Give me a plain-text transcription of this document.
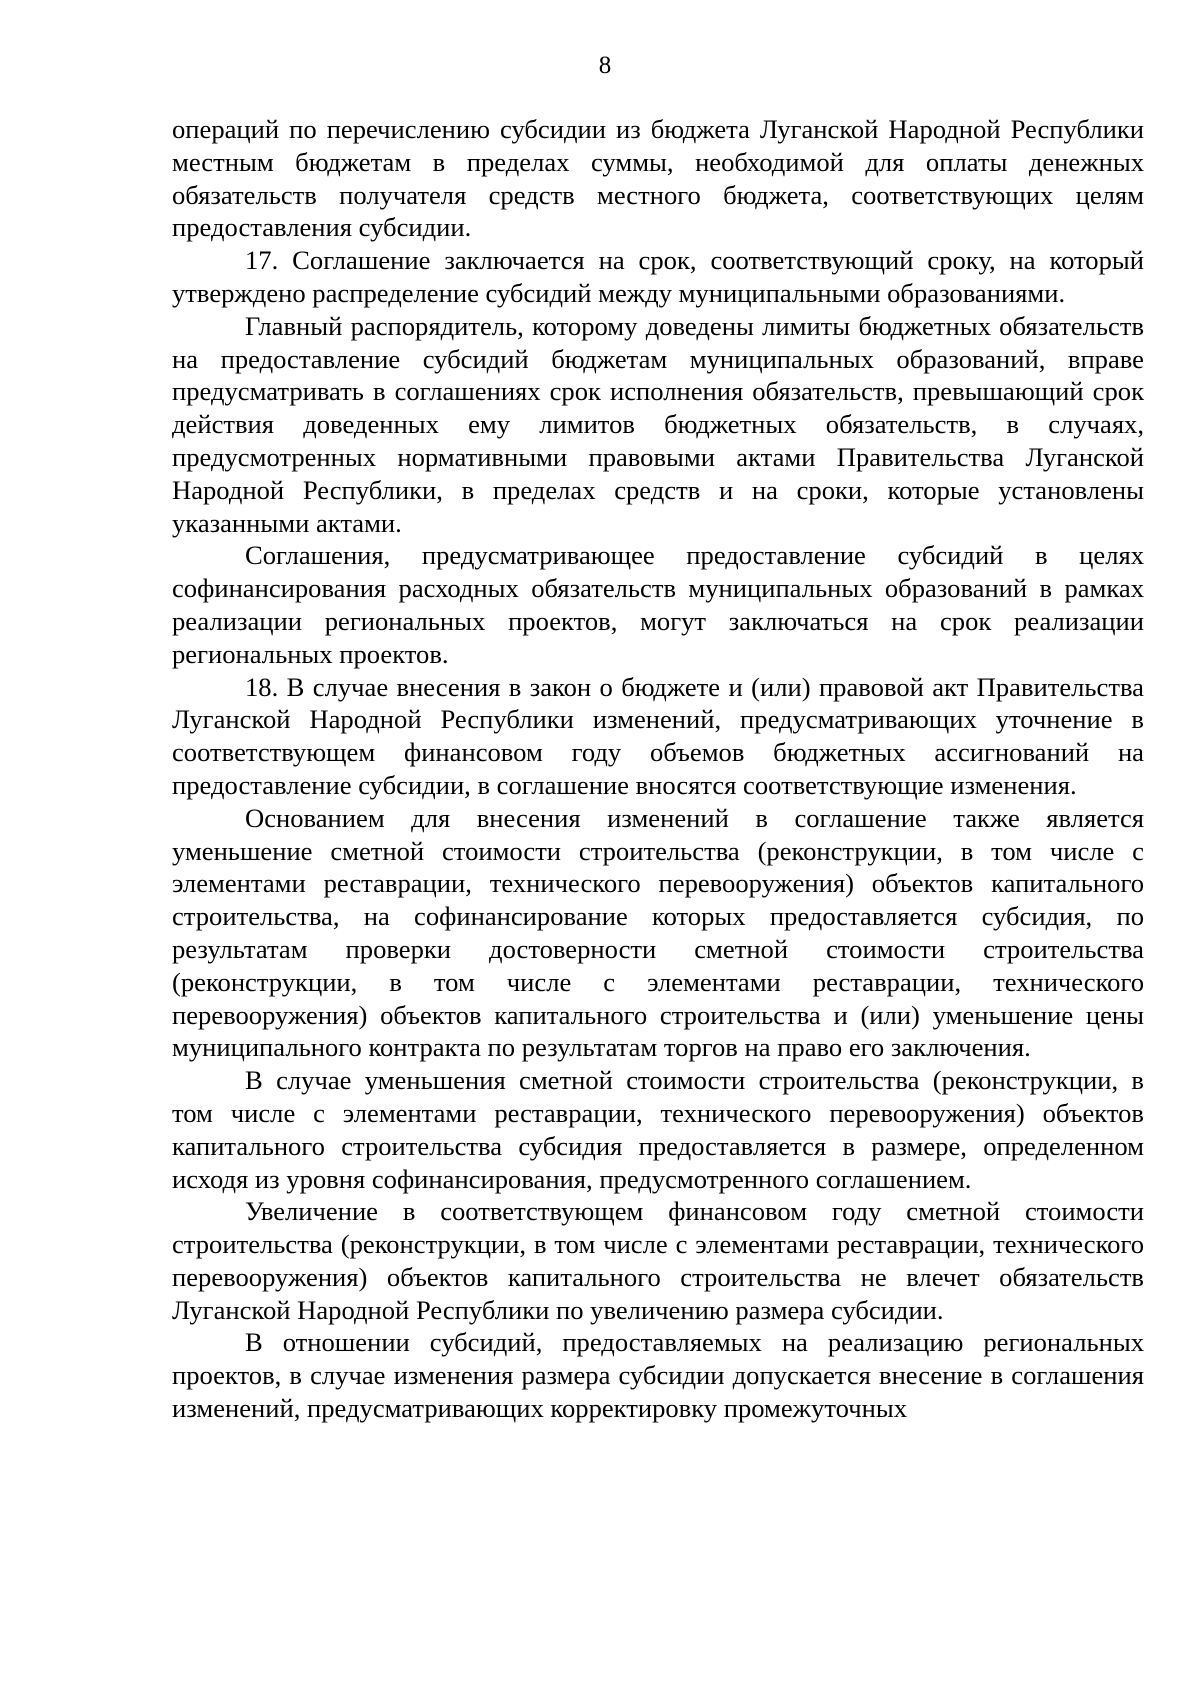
8

операций по перечислению субсидии из бюджета Луганской Народной Республики местным бюджетам в пределах суммы, необходимой для оплаты денежных обязательств получателя средств местного бюджета, соответствующих целям предоставления субсидии.

17. Соглашение заключается на срок, соответствующий сроку, на который утверждено распределение субсидий между муниципальными образованиями.

Главный распорядитель, которому доведены лимиты бюджетных обязательств на предоставление субсидий бюджетам муниципальных образований, вправе предусматривать в соглашениях срок исполнения обязательств, превышающий срок действия доведенных ему лимитов бюджетных обязательств, в случаях, предусмотренных нормативными правовыми актами Правительства Луганской Народной Республики, в пределах средств и на сроки, которые установлены указанными актами.

Соглашения, предусматривающее предоставление субсидий в целях софинансирования расходных обязательств муниципальных образований в рамках реализации региональных проектов, могут заключаться на срок реализации региональных проектов.

18. В случае внесения в закон о бюджете и (или) правовой акт Правительства Луганской Народной Республики изменений, предусматривающих уточнение в соответствующем финансовом году объемов бюджетных ассигнований на предоставление субсидии, в соглашение вносятся соответствующие изменения.

Основанием для внесения изменений в соглашение также является уменьшение сметной стоимости строительства (реконструкции, в том числе с элементами реставрации, технического перевооружения) объектов капитального строительства, на софинансирование которых предоставляется субсидия, по результатам проверки достоверности сметной стоимости строительства (реконструкции, в том числе с элементами реставрации, технического перевооружения) объектов капитального строительства и (или) уменьшение цены муниципального контракта по результатам торгов на право его заключения.

В случае уменьшения сметной стоимости строительства (реконструкции, в том числе с элементами реставрации, технического перевооружения) объектов капитального строительства субсидия предоставляется в размере, определенном исходя из уровня софинансирования, предусмотренного соглашением.

Увеличение в соответствующем финансовом году сметной стоимости строительства (реконструкции, в том числе с элементами реставрации, технического перевооружения) объектов капитального строительства не влечет обязательств Луганской Народной Республики по увеличению размера субсидии.

В отношении субсидий, предоставляемых на реализацию региональных проектов, в случае изменения размера субсидии допускается внесение в соглашения изменений, предусматривающих корректировку промежуточных
